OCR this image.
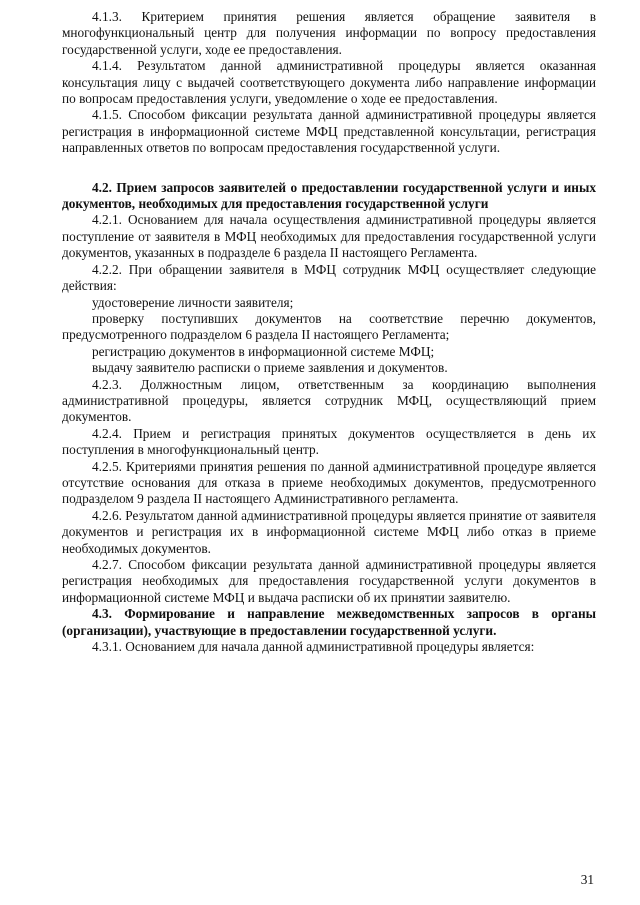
4.1.3. Критерием принятия решения является обращение заявителя в многофункциональный центр для получения информации по вопросу предоставления государственной услуги, ходе ее предоставления.

4.1.4. Результатом данной административной процедуры является оказанная консультация лицу с выдачей соответствующего документа либо направление информации по вопросам предоставления услуги, уведомление о ходе ее предоставления.

4.1.5. Способом фиксации результата данной административной процедуры является регистрация в информационной системе МФЦ представленной консультации, регистрация направленных ответов по вопросам предоставления государственной услуги.

4.2. Прием запросов заявителей о предоставлении государственной услуги и иных документов, необходимых для предоставления государственной услуги

4.2.1. Основанием для начала осуществления административной процедуры является поступление от заявителя в МФЦ необходимых для предоставления государственной услуги документов, указанных в подразделе 6 раздела II настоящего Регламента.

4.2.2. При обращении заявителя в МФЦ сотрудник МФЦ осуществляет следующие действия:

удостоверение личности заявителя;

проверку поступивших документов на соответствие перечню документов, предусмотренного подразделом 6 раздела II настоящего Регламента;

регистрацию документов в информационной системе МФЦ;

выдачу заявителю расписки о приеме заявления и документов.

4.2.3. Должностным лицом, ответственным за координацию выполнения административной процедуры, является сотрудник МФЦ, осуществляющий прием документов.

4.2.4. Прием и регистрация принятых документов осуществляется в день их поступления в многофункциональный центр.

4.2.5. Критериями принятия решения по данной административной процедуре является отсутствие основания для отказа в приеме необходимых документов, предусмотренного подразделом 9 раздела II настоящего Административного регламента.

4.2.6. Результатом данной административной процедуры является принятие от заявителя документов и регистрация их в информационной системе МФЦ либо отказ в приеме необходимых документов.

4.2.7. Способом фиксации результата данной административной процедуры является регистрация необходимых для предоставления государственной услуги документов в информационной системе МФЦ и выдача расписки об их принятии заявителю.

4.3. Формирование и направление межведомственных запросов в органы (организации), участвующие в предоставлении государственной услуги.

4.3.1. Основанием для начала данной административной процедуры является:

31
